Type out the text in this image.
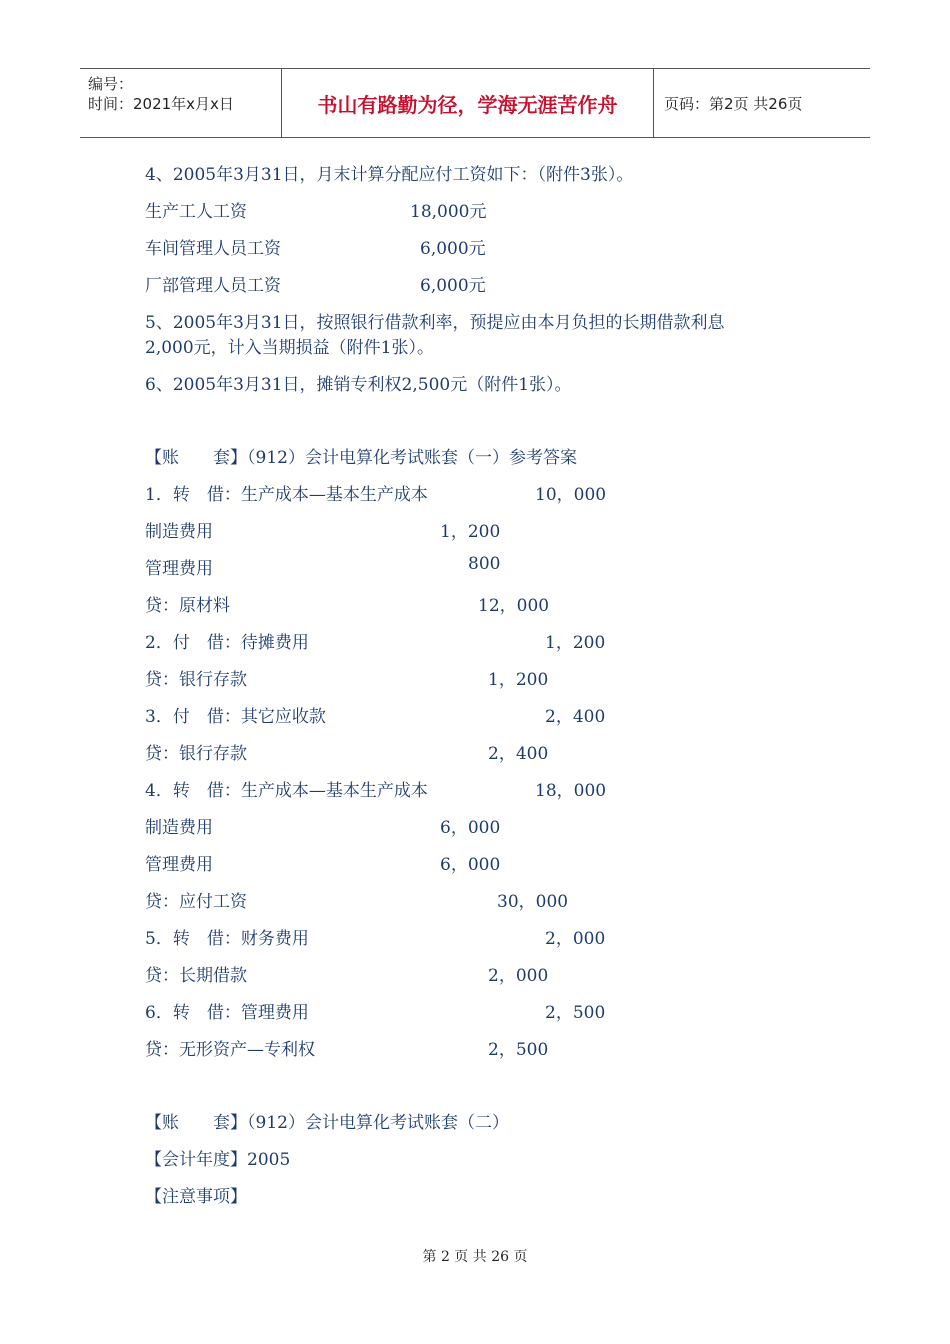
编号：
时间：2021年x月x日	书山有路勤为径，学海无涯苦作舟	页码：第2页 共26页
4、2005年3月31日，月末计算分配应付工资如下：（附件3张）。
生产工人工资	18,000元
车间管理人员工资	6,000元
厂部管理人员工资	6,000元
5、2005年3月31日，按照银行借款利率，预提应由本月负担的长期借款利息
2,000元，计入当期损益（附件1张）。
6、2005年3月31日，摊销专利权2,500元（附件1张）。
【账　　套】（912）会计电算化考试账套（一）参考答案
1．转　借：生产成本—基本生产成本	10，000
制造费用	1，200
管理费用	800
贷：原材料	12，000
2．付　借：待摊费用	1，200
贷：银行存款	1，200
3．付　借：其它应收款	2，400
贷：银行存款	2，400
4．转　借：生产成本—基本生产成本	18，000
制造费用	6，000
管理费用	6，000
贷：应付工资	30，000
5．转　借：财务费用	2，000
贷：长期借款	2，000
6．转　借：管理费用	2，500
贷：无形资产—专利权	2，500
【账　　套】（912）会计电算化考试账套（二）
【会计年度】2005
【注意事项】
第 2 页 共 26 页
